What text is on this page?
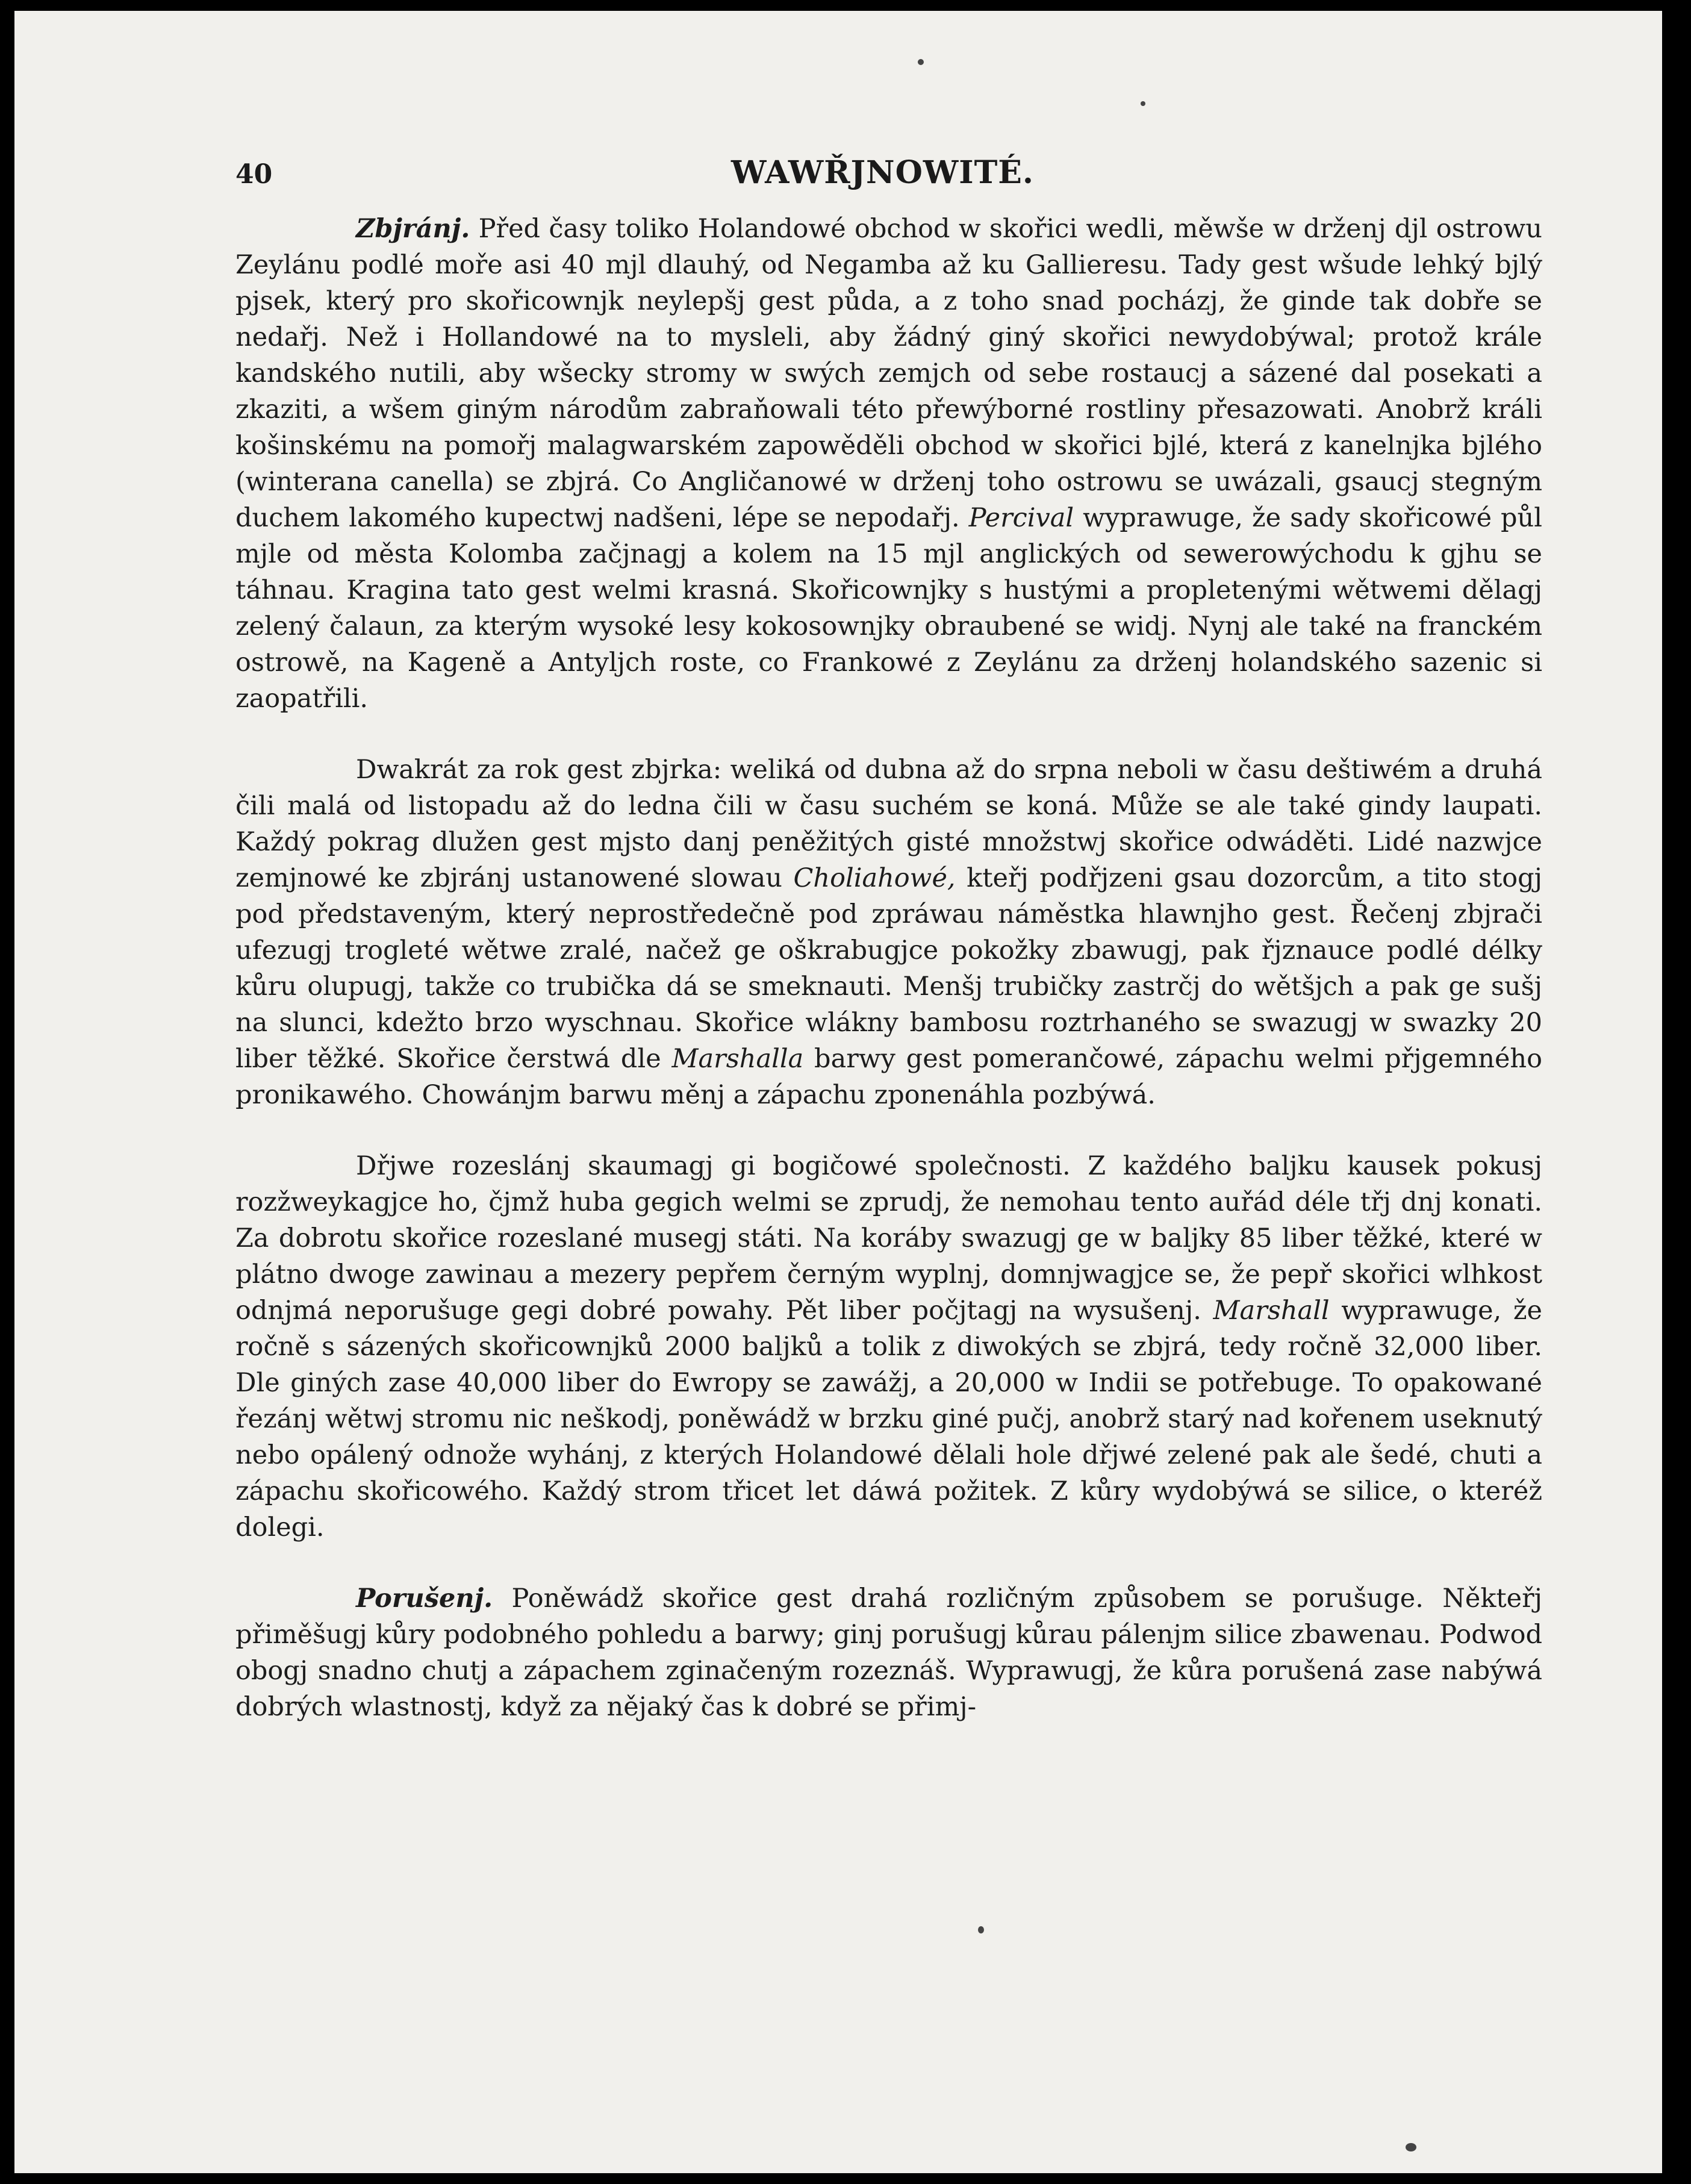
40	WAWŘJNOWITÉ.

Zbjránj. Před časy toliko Holandowé obchod w skořici wedli, měwše w drženj djl ostrowu Zeylánu podlé moře asi 40 mjl dlauhý, od Negamba až ku Gallieresu. Tady gest wšude lehký bjlý pjsek, který pro skořicownjk neylepšj gest půda, a z toho snad pocházj, že ginde tak dobře se nedařj. Než i Hollandowé na to mysleli, aby žádný giný skořici newydobýwal; protož krále kandského nutili, aby wšecky stromy w swých zemjch od sebe rostaucj a sázené dal posekati a zkaziti, a wšem giným národům zabraňowali této přewýborné rostliny přesazowati. Anobrž králi košinskému na pomořj malagwarském zapowěděli obchod w skořici bjlé, která z kanelnjka bjlého (winterana canella) se zbjrá. Co Angličanowé w drženj toho ostrowu se uwázali, gsaucj stegným duchem lakomého kupectwj nadšeni, lépe se nepodařj. Percival wyprawuge, že sady skořicowé půl mjle od města Kolomba začjnagj a kolem na 15 mjl anglických od sewerowýchodu k gjhu se táhnau. Kragina tato gest welmi krasná. Skořicownjky s hustými a propletenými wětwemi dělagj zelený čalaun, za kterým wysoké lesy kokosownjky obraubené se widj. Nynj ale také na franckém ostrowě, na Kageně a Antyljch roste, co Frankowé z Zeylánu za drženj holandského sazenic si zaopatřili.

Dwakrát za rok gest zbjrka: weliká od dubna až do srpna neboli w času deštiwém a druhá čili malá od listopadu až do ledna čili w času suchém se koná. Může se ale také gindy laupati. Každý pokrag dlužen gest mjsto danj peněžitých gisté množstwj skořice odwáděti. Lidé nazwjce zemjnowé ke zbjránj ustanowené slowau Choliahowé, kteřj podřjzeni gsau dozorcům, a tito stogj pod představeným, který neprostředečně pod zpráwau náměstka hlawnjho gest. Řečenj zbjrači ufezugj trogleté wětwe zralé, načež ge oškrabugjce pokožky zbawugj, pak řjznauce podlé délky kůru olupugj, takže co trubička dá se smeknauti. Menšj trubičky zastrčj do wětšjch a pak ge sušj na slunci, kdežto brzo wyschnau. Skořice wlákny bambosu roztrhaného se swazugj w swazky 20 liber těžké. Skořice čerstwá dle Marshalla barwy gest pomerančowé, zápachu welmi přjgemného pronikawého. Chowánjm barwu měnj a zápachu zponenáhla pozbýwá.

Dřjwe rozeslánj skaumagj gi bogičowé společnosti. Z každého baljku kausek pokusj rozžweykagjce ho, čjmž huba gegich welmi se zprudj, že nemohau tento auřád déle třj dnj konati. Za dobrotu skořice rozeslané musegj státi. Na koráby swazugj ge w baljky 85 liber těžké, které w plátno dwoge zawinau a mezery pepřem černým wyplnj, domnjwagjce se, že pepř skořici wlhkost odnjmá neporušuge gegi dobré powahy. Pět liber počjtagj na wysušenj. Marshall wyprawuge, že ročně s sázených skořicownjků 2000 baljků a tolik z diwokých se zbjrá, tedy ročně 32,000 liber. Dle giných zase 40,000 liber do Ewropy se zawážj, a 20,000 w Indii se potřebuge. To opakowané řezánj wětwj stromu nic neškodj, poněwádž w brzku giné pučj, anobrž starý nad kořenem useknutý nebo opálený odnože wyhánj, z kterých Holandowé dělali hole dřjwé zelené pak ale šedé, chuti a zápachu skořicowého. Každý strom třicet let dáwá požitek. Z kůry wydobýwá se silice, o kteréž dolegi.

Porušenj. Poněwádž skořice gest drahá rozličným způsobem se porušuge. Někteřj přiměšugj kůry podobného pohledu a barwy; ginj porušugj kůrau pálenjm silice zbawenau. Podwod obogj snadno chutj a zápachem zginačeným rozeznáš. Wyprawugj, že kůra porušená zase nabýwá dobrých wlastnostj, když za nějaký čas k dobré se přimj-
